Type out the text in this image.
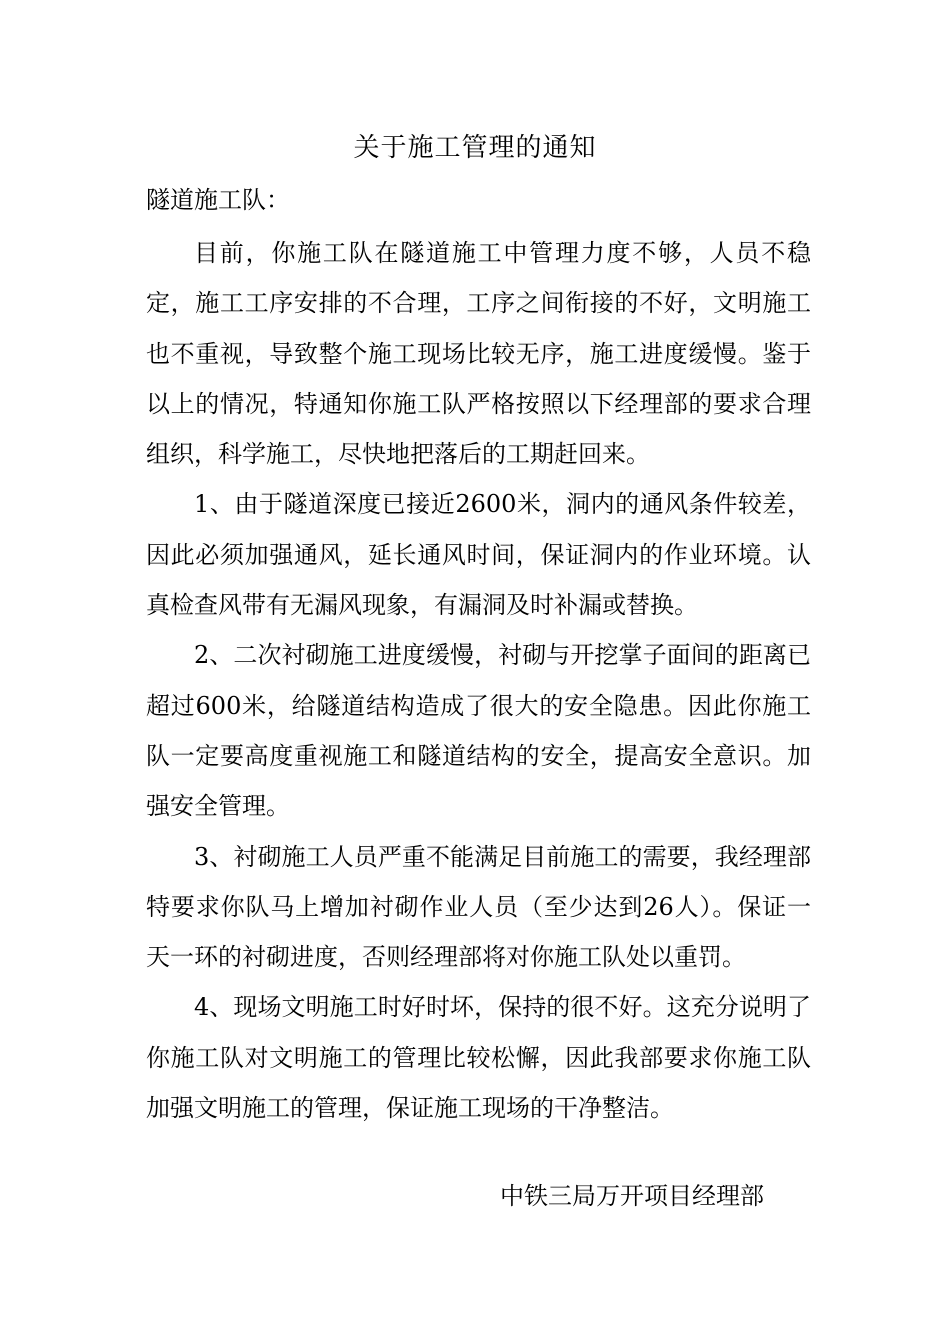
关于施工管理的通知
隧道施工队：

目前，你施工队在隧道施工中管理力度不够，人员不稳定，施工工序安排的不合理，工序之间衔接的不好，文明施工也不重视，导致整个施工现场比较无序，施工进度缓慢。鉴于以上的情况，特通知你施工队严格按照以下经理部的要求合理组织，科学施工，尽快地把落后的工期赶回来。

1、由于隧道深度已接近2600米，洞内的通风条件较差，因此必须加强通风，延长通风时间，保证洞内的作业环境。认真检查风带有无漏风现象，有漏洞及时补漏或替换。

2、二次衬砌施工进度缓慢，衬砌与开挖掌子面间的距离已超过600米，给隧道结构造成了很大的安全隐患。因此你施工队一定要高度重视施工和隧道结构的安全，提高安全意识。加强安全管理。

3、衬砌施工人员严重不能满足目前施工的需要，我经理部特要求你队马上增加衬砌作业人员（至少达到26人）。保证一天一环的衬砌进度，否则经理部将对你施工队处以重罚。

4、现场文明施工时好时坏，保持的很不好。这充分说明了你施工队对文明施工的管理比较松懈，因此我部要求你施工队加强文明施工的管理，保证施工现场的干净整洁。

中铁三局万开项目经理部
